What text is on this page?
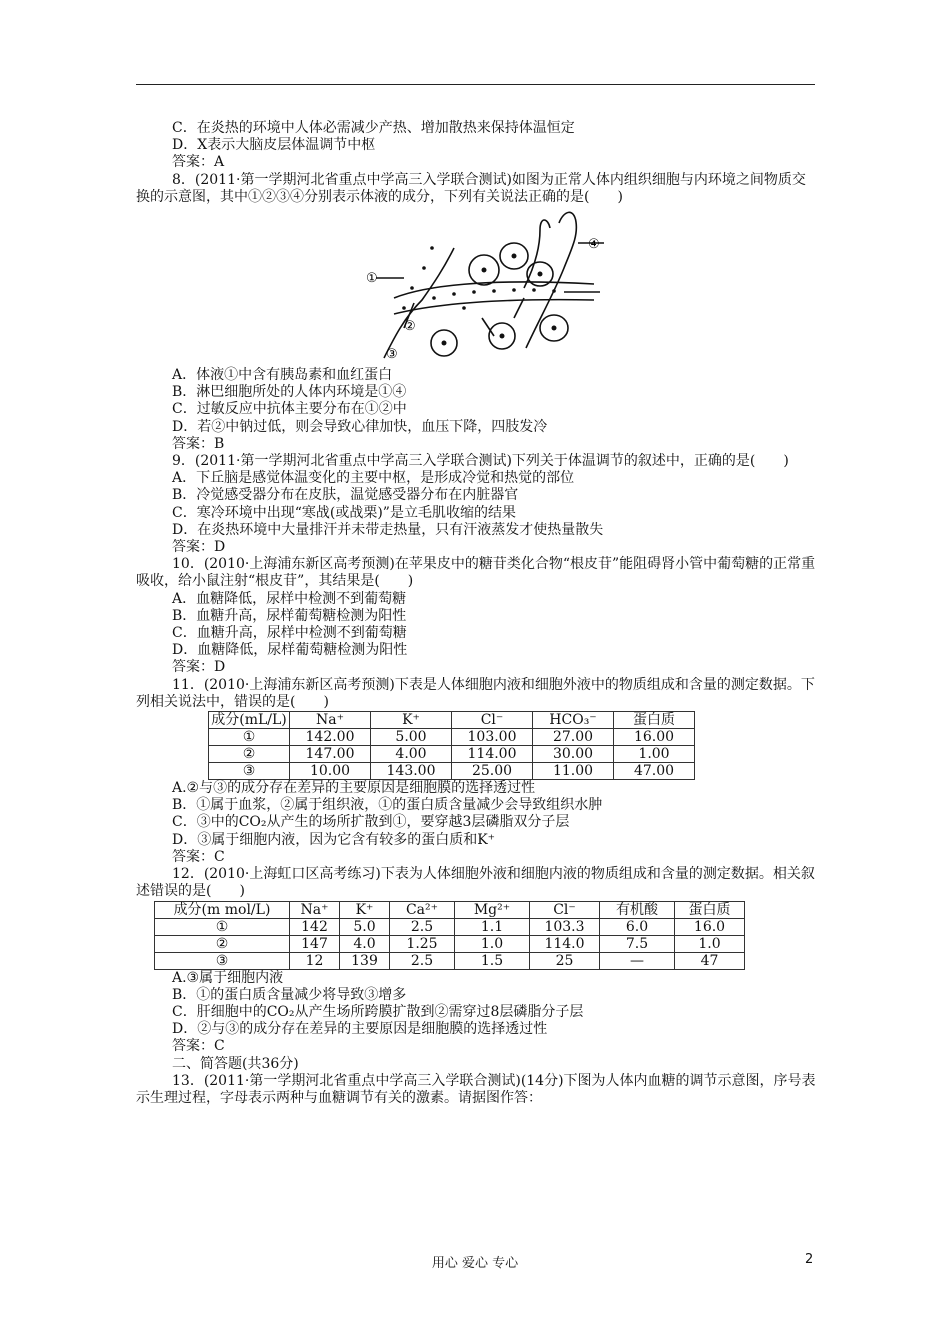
C．在炎热的环境中人体必需减少产热、增加散热来保持体温恒定
D．X表示大脑皮层体温调节中枢
答案：A
8．(2011·第一学期河北省重点中学高三入学联合测试)如图为正常人体内组织细胞与内环境之间物质交换的示意图，其中①②③④分别表示体液的成分，下列有关说法正确的是(　　)
①
②
③
④
A．体液①中含有胰岛素和血红蛋白
B．淋巴细胞所处的人体内环境是①④
C．过敏反应中抗体主要分布在①②中
D．若②中钠过低，则会导致心律加快，血压下降，四肢发冷
答案：B
9．(2011·第一学期河北省重点中学高三入学联合测试)下列关于体温调节的叙述中，正确的是(　　)
A．下丘脑是感觉体温变化的主要中枢，是形成冷觉和热觉的部位
B．冷觉感受器分布在皮肤，温觉感受器分布在内脏器官
C．寒冷环境中出现“寒战(或战栗)”是立毛肌收缩的结果
D．在炎热环境中大量排汗并未带走热量，只有汗液蒸发才使热量散失
答案：D
10．(2010·上海浦东新区高考预测)在苹果皮中的糖苷类化合物“根皮苷”能阻碍肾小管中葡萄糖的正常重吸收，给小鼠注射“根皮苷”，其结果是(　　)
A．血糖降低，尿样中检测不到葡萄糖
B．血糖升高，尿样葡萄糖检测为阳性
C．血糖升高，尿样中检测不到葡萄糖
D．血糖降低，尿样葡萄糖检测为阳性
答案：D
11．(2010·上海浦东新区高考预测)下表是人体细胞内液和细胞外液中的物质组成和含量的测定数据。下列相关说法中，错误的是(　　)
成分(mL/L)	Na⁺	K⁺	Cl⁻	HCO₃⁻	蛋白质
①	142.00	5.00	103.00	27.00	16.00
②	147.00	4.00	114.00	30.00	1.00
③	10.00	143.00	25.00	11.00	47.00
A.②与③的成分存在差异的主要原因是细胞膜的选择透过性
B．①属于血浆，②属于组织液，①的蛋白质含量减少会导致组织水肿
C．③中的CO₂从产生的场所扩散到①，要穿越3层磷脂双分子层
D．③属于细胞内液，因为它含有较多的蛋白质和K⁺
答案：C
12．(2010·上海虹口区高考练习)下表为人体细胞外液和细胞内液的物质组成和含量的测定数据。相关叙述错误的是(　　)
成分(m mol/L)	Na⁺	K⁺	Ca²⁺	Mg²⁺	Cl⁻	有机酸	蛋白质
①	142	5.0	2.5	1.1	103.3	6.0	16.0
②	147	4.0	1.25	1.0	114.0	7.5	1.0
③	12	139	2.5	1.5	25	—	47
A.③属于细胞内液
B．①的蛋白质含量减少将导致③增多
C．肝细胞中的CO₂从产生场所跨膜扩散到②需穿过8层磷脂分子层
D．②与③的成分存在差异的主要原因是细胞膜的选择透过性
答案：C
二、简答题(共36分)
13．(2011·第一学期河北省重点中学高三入学联合测试)(14分)下图为人体内血糖的调节示意图，序号表示生理过程，字母表示两种与血糖调节有关的激素。请据图作答：
用心 爱心 专心	2
